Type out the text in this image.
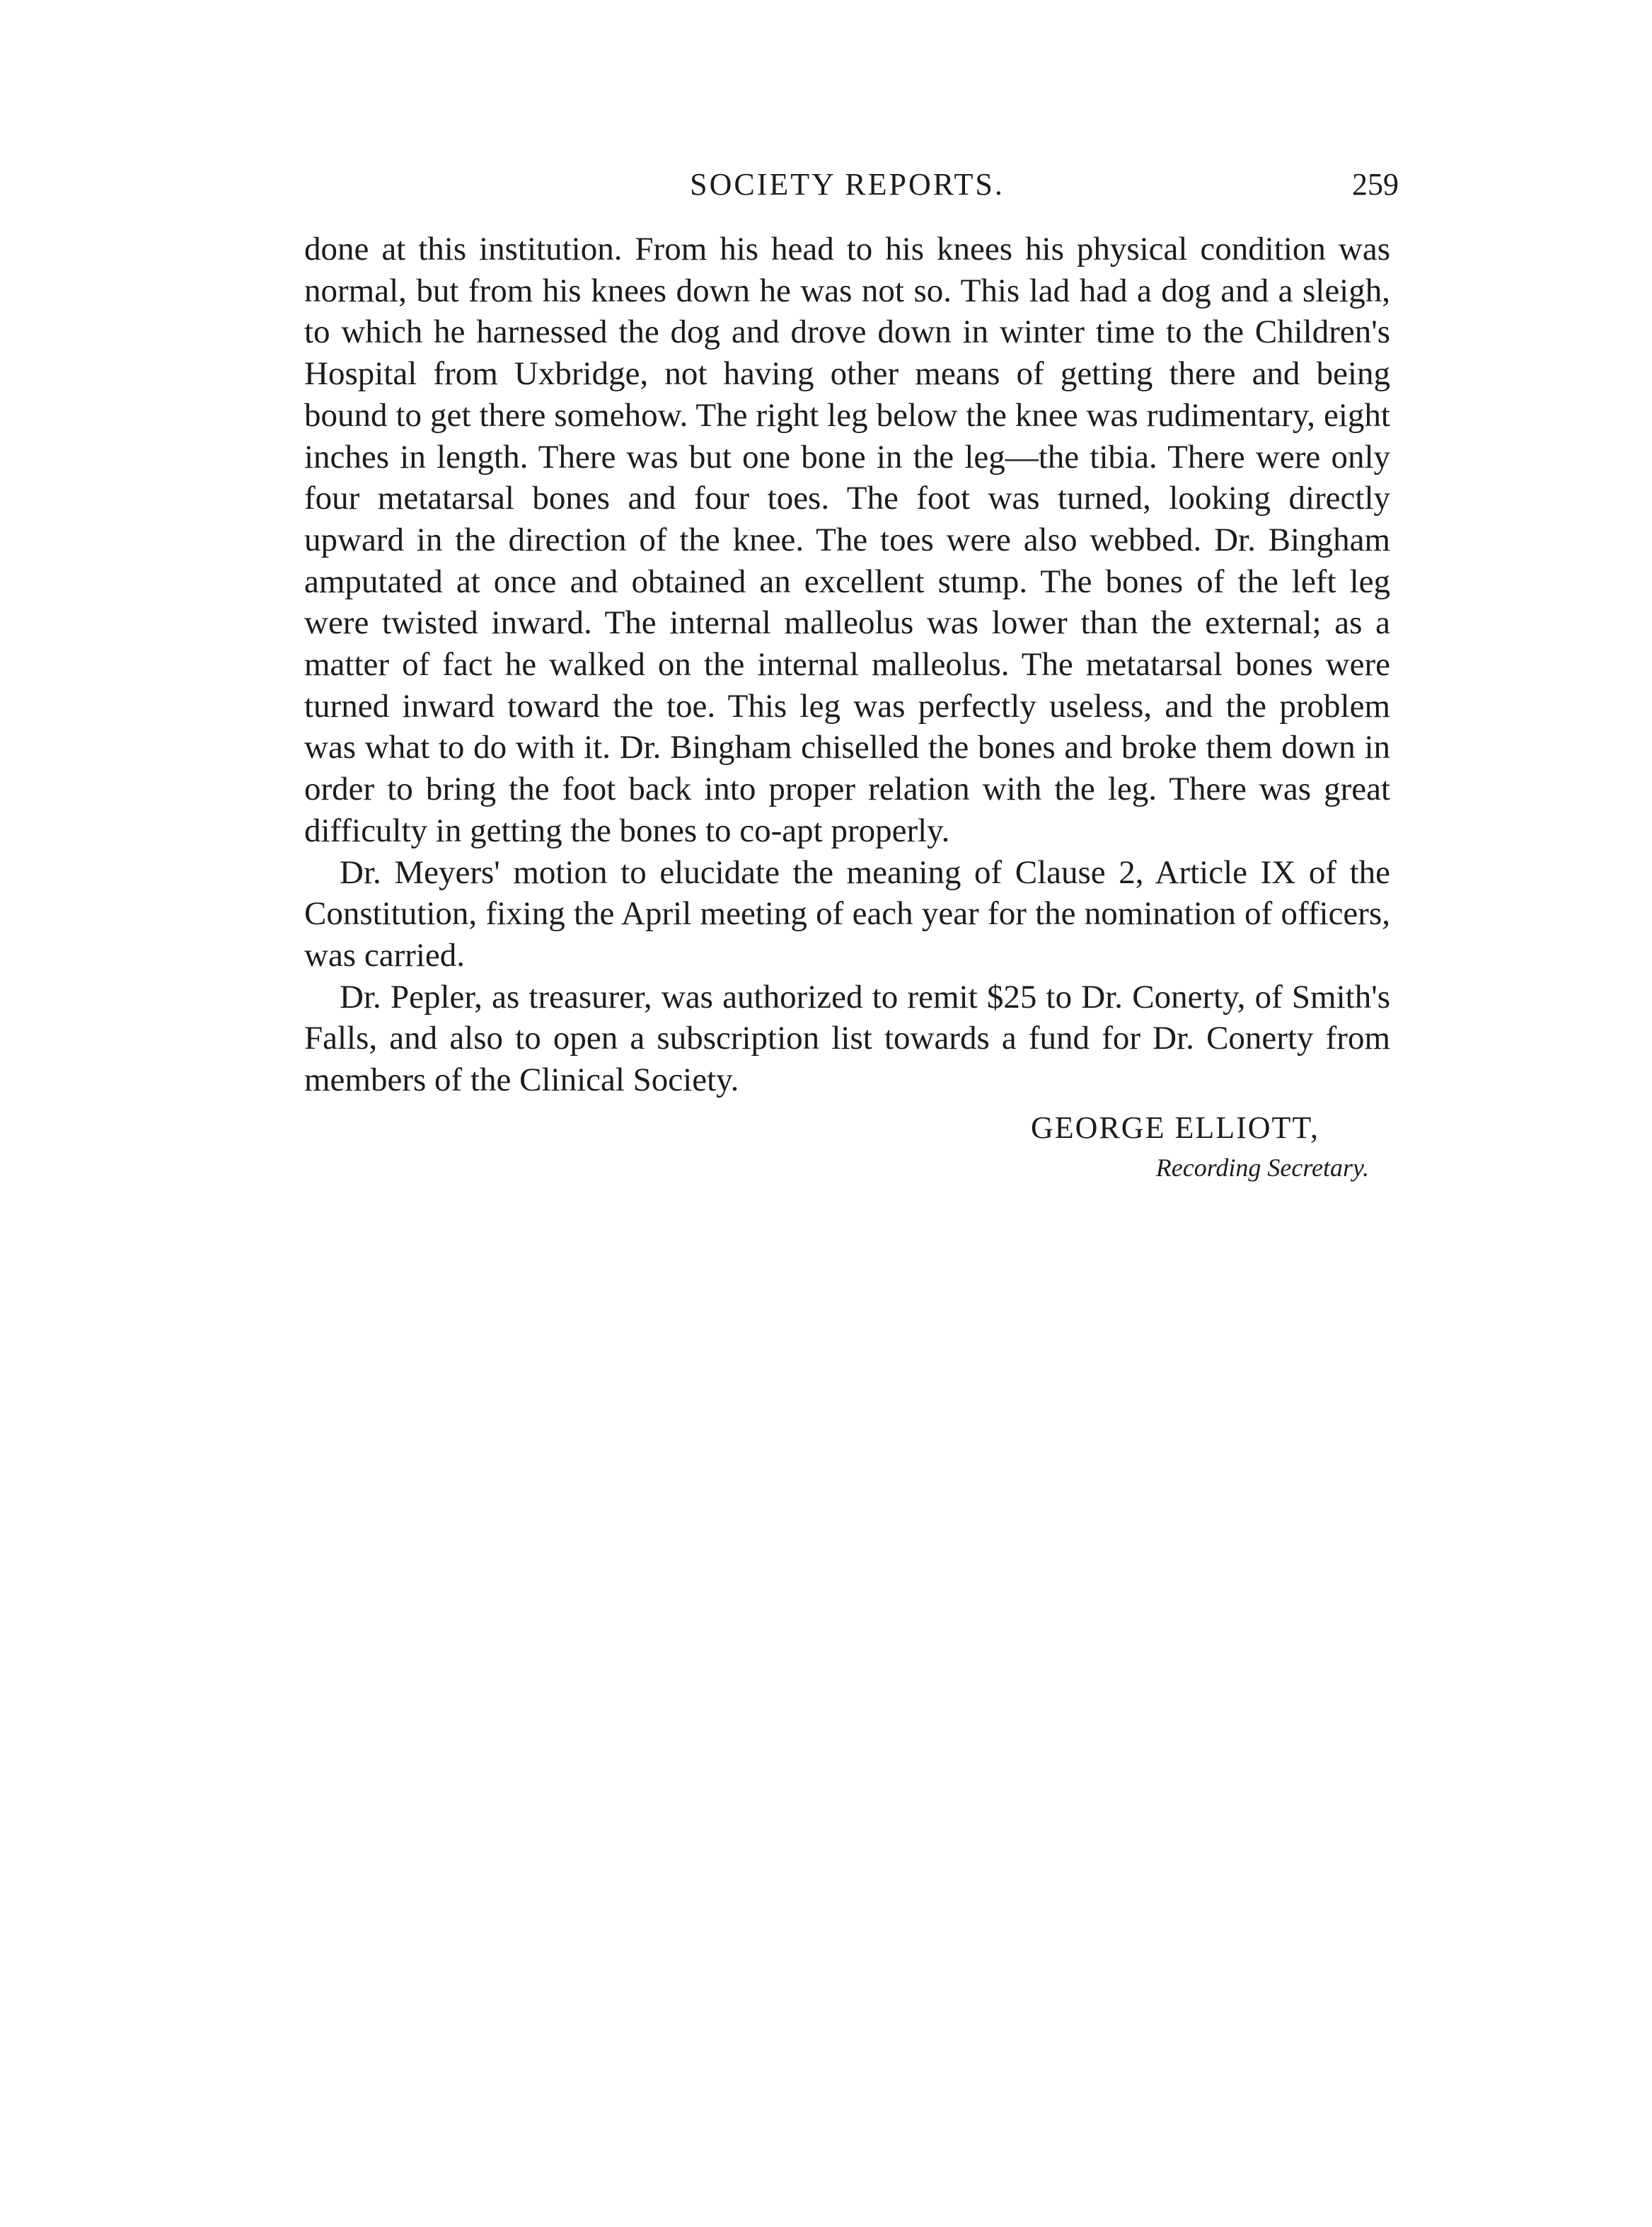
SOCIETY REPORTS.	259

done at this institution. From his head to his knees his physical condition was normal, but from his knees down he was not so. This lad had a dog and a sleigh, to which he harnessed the dog and drove down in winter time to the Children's Hospital from Uxbridge, not having other means of getting there and being bound to get there somehow. The right leg below the knee was rudimentary, eight inches in length. There was but one bone in the leg—the tibia. There were only four metatarsal bones and four toes. The foot was turned, looking directly upward in the direction of the knee. The toes were also webbed. Dr. Bingham amputated at once and obtained an excellent stump. The bones of the left leg were twisted inward. The internal malleolus was lower than the external; as a matter of fact he walked on the internal malleolus. The metatarsal bones were turned inward toward the toe. This leg was perfectly useless, and the problem was what to do with it. Dr. Bingham chiselled the bones and broke them down in order to bring the foot back into proper relation with the leg. There was great difficulty in getting the bones to co-apt properly.

Dr. Meyers' motion to elucidate the meaning of Clause 2, Article IX of the Constitution, fixing the April meeting of each year for the nomination of officers, was carried.

Dr. Pepler, as treasurer, was authorized to remit $25 to Dr. Conerty, of Smith's Falls, and also to open a subscription list towards a fund for Dr. Conerty from members of the Clinical Society.

GEORGE ELLIOTT,
Recording Secretary.
